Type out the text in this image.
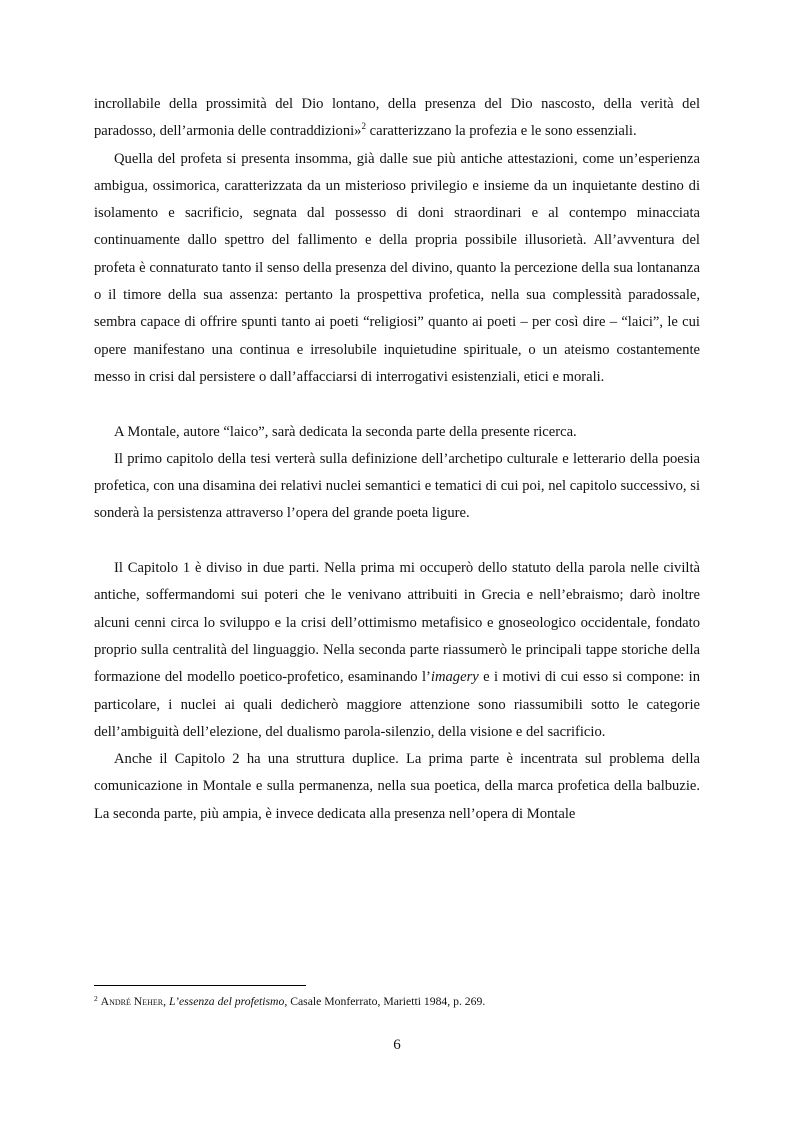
incrollabile della prossimità del Dio lontano, della presenza del Dio nascosto, della verità del paradosso, dell’armonia delle contraddizioni»$^2$ caratterizzano la profezia e le sono essenziali.

Quella del profeta si presenta insomma, già dalle sue più antiche attestazioni, come un’esperienza ambigua, ossimorica, caratterizzata da un misterioso privilegio e insieme da un inquietante destino di isolamento e sacrificio, segnata dal possesso di doni straordinari e al contempo minacciata continuamente dallo spettro del fallimento e della propria possibile illusorietà. All’avventura del profeta è connaturato tanto il senso della presenza del divino, quanto la percezione della sua lontananza o il timore della sua assenza: pertanto la prospettiva profetica, nella sua complessità paradossale, sembra capace di offrire spunti tanto ai poeti “religiosi” quanto ai poeti – per così dire – “laici”, le cui opere manifestano una continua e irresolubile inquietudine spirituale, o un ateismo costantemente messo in crisi dal persistere o dall’affacciarsi di interrogativi esistenziali, etici e morali.

A Montale, autore “laico”, sarà dedicata la seconda parte della presente ricerca.

Il primo capitolo della tesi verterà sulla definizione dell’archetipo culturale e letterario della poesia profetica, con una disamina dei relativi nuclei semantici e tematici di cui poi, nel capitolo successivo, si sonderà la persistenza attraverso l’opera del grande poeta ligure.

Il Capitolo 1 è diviso in due parti. Nella prima mi occuperò dello statuto della parola nelle civiltà antiche, soffermandomi sui poteri che le venivano attribuiti in Grecia e nell’ebraismo; darò inoltre alcuni cenni circa lo sviluppo e la crisi dell’ottimismo metafisico e gnoseologico occidentale, fondato proprio sulla centralità del linguaggio. Nella seconda parte riassumerò le principali tappe storiche della formazione del modello poetico-profetico, esaminando l’imagery e i motivi di cui esso si compone: in particolare, i nuclei ai quali dedicherò maggiore attenzione sono riassumibili sotto le categorie dell’ambiguità dell’elezione, del dualismo parola-silenzio, della visione e del sacrificio.

Anche il Capitolo 2 ha una struttura duplice. La prima parte è incentrata sul problema della comunicazione in Montale e sulla permanenza, nella sua poetica, della marca profetica della balbuzie. La seconda parte, più ampia, è invece dedicata alla presenza nell’opera di Montale

$^2$ André Neher, L’essenza del profetismo, Casale Monferrato, Marietti 1984, p. 269.
6
